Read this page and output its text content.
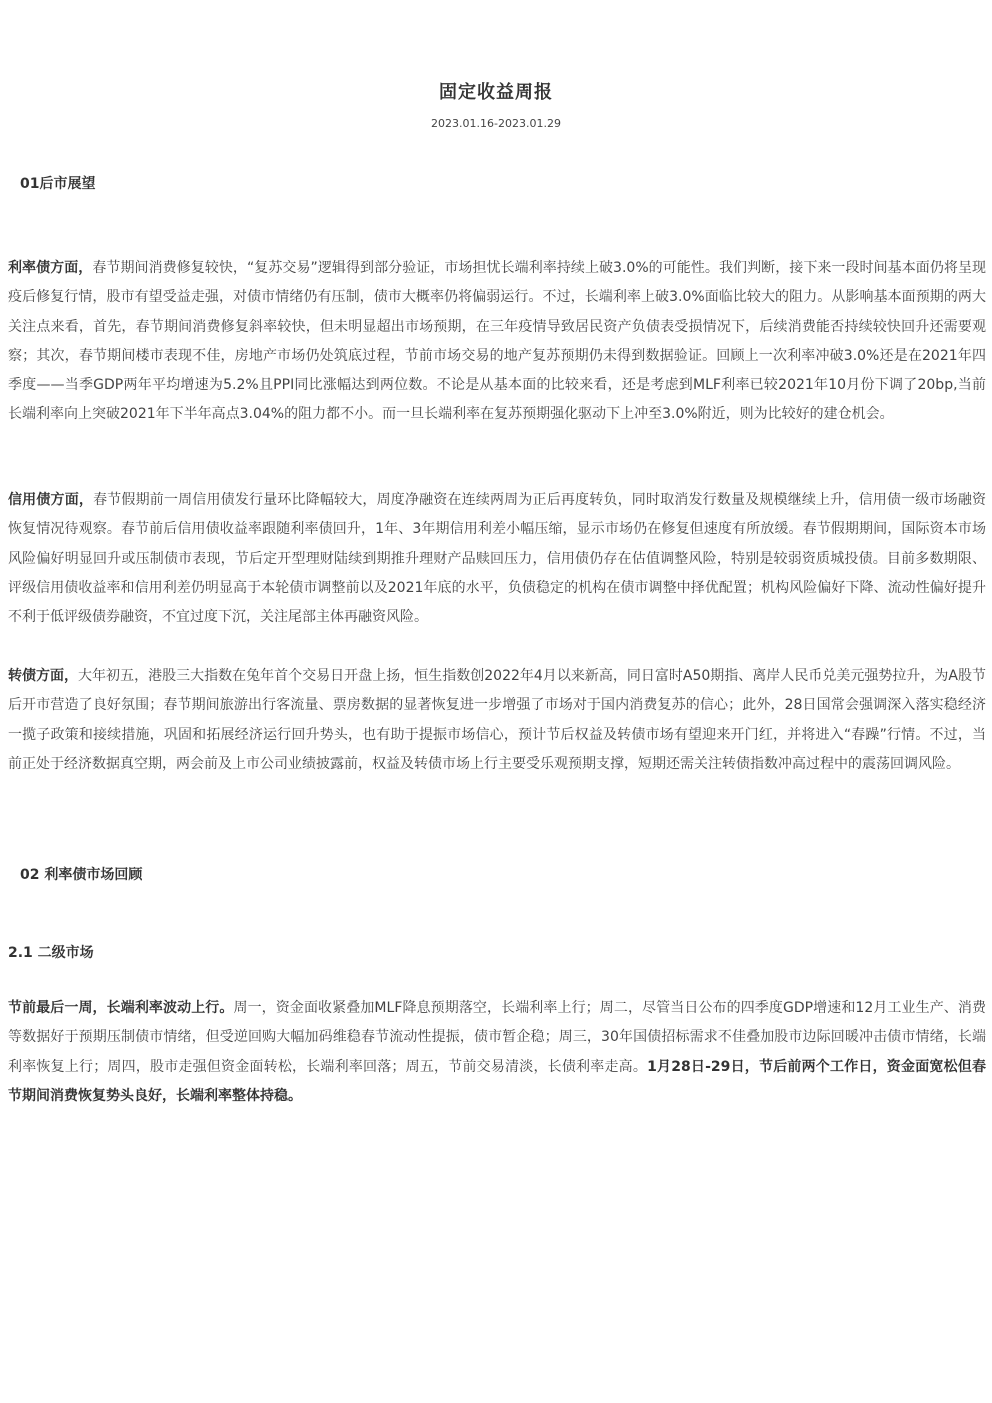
固定收益周报
2023.01.16-2023.01.29
01后市展望

利率债方面，春节期间消费修复较快，“复苏交易”逻辑得到部分验证，市场担忧长端利率持续上破3.0%的可能性。我们判断，接下来一段时间基本面仍将呈现疫后修复行情，股市有望受益走强，对债市情绪仍有压制，债市大概率仍将偏弱运行。不过，长端利率上破3.0%面临比较大的阻力。从影响基本面预期的两大关注点来看，首先，春节期间消费修复斜率较快，但未明显超出市场预期，在三年疫情导致居民资产负债表受损情况下，后续消费能否持续较快回升还需要观察；其次，春节期间楼市表现不佳，房地产市场仍处筑底过程，节前市场交易的地产复苏预期仍未得到数据验证。回顾上一次利率冲破3.0%还是在2021年四季度——当季GDP两年平均增速为5.2%且PPI同比涨幅达到两位数。不论是从基本面的比较来看，还是考虑到MLF利率已较2021年10月份下调了20bp,当前长端利率向上突破2021年下半年高点3.04%的阻力都不小。而一旦长端利率在复苏预期强化驱动下上冲至3.0%附近，则为比较好的建仓机会。

信用债方面，春节假期前一周信用债发行量环比降幅较大，周度净融资在连续两周为正后再度转负，同时取消发行数量及规模继续上升，信用债一级市场融资恢复情况待观察。春节前后信用债收益率跟随利率债回升，1年、3年期信用利差小幅压缩，显示市场仍在修复但速度有所放缓。春节假期期间，国际资本市场风险偏好明显回升或压制债市表现，节后定开型理财陆续到期推升理财产品赎回压力，信用债仍存在估值调整风险，特别是较弱资质城投债。目前多数期限、评级信用债收益率和信用利差仍明显高于本轮债市调整前以及2021年底的水平，负债稳定的机构在债市调整中择优配置；机构风险偏好下降、流动性偏好提升不利于低评级债券融资，不宜过度下沉，关注尾部主体再融资风险。

转债方面，大年初五，港股三大指数在兔年首个交易日开盘上扬，恒生指数创2022年4月以来新高，同日富时A50期指、离岸人民币兑美元强势拉升，为A股节后开市营造了良好氛围；春节期间旅游出行客流量、票房数据的显著恢复进一步增强了市场对于国内消费复苏的信心；此外，28日国常会强调深入落实稳经济一揽子政策和接续措施，巩固和拓展经济运行回升势头，也有助于提振市场信心，预计节后权益及转债市场有望迎来开门红，并将进入“春躁”行情。不过，当前正处于经济数据真空期，两会前及上市公司业绩披露前，权益及转债市场上行主要受乐观预期支撑，短期还需关注转债指数冲高过程中的震荡回调风险。

02 利率债市场回顾
2.1 二级市场

节前最后一周，长端利率波动上行。周一，资金面收紧叠加MLF降息预期落空，长端利率上行；周二，尽管当日公布的四季度GDP增速和12月工业生产、消费等数据好于预期压制债市情绪，但受逆回购大幅加码维稳春节流动性提振，债市暂企稳；周三，30年国债招标需求不佳叠加股市边际回暖冲击债市情绪，长端利率恢复上行；周四，股市走强但资金面转松，长端利率回落；周五，节前交易清淡，长债利率走高。1月28日-29日，节后前两个工作日，资金面宽松但春节期间消费恢复势头良好，长端利率整体持稳。
